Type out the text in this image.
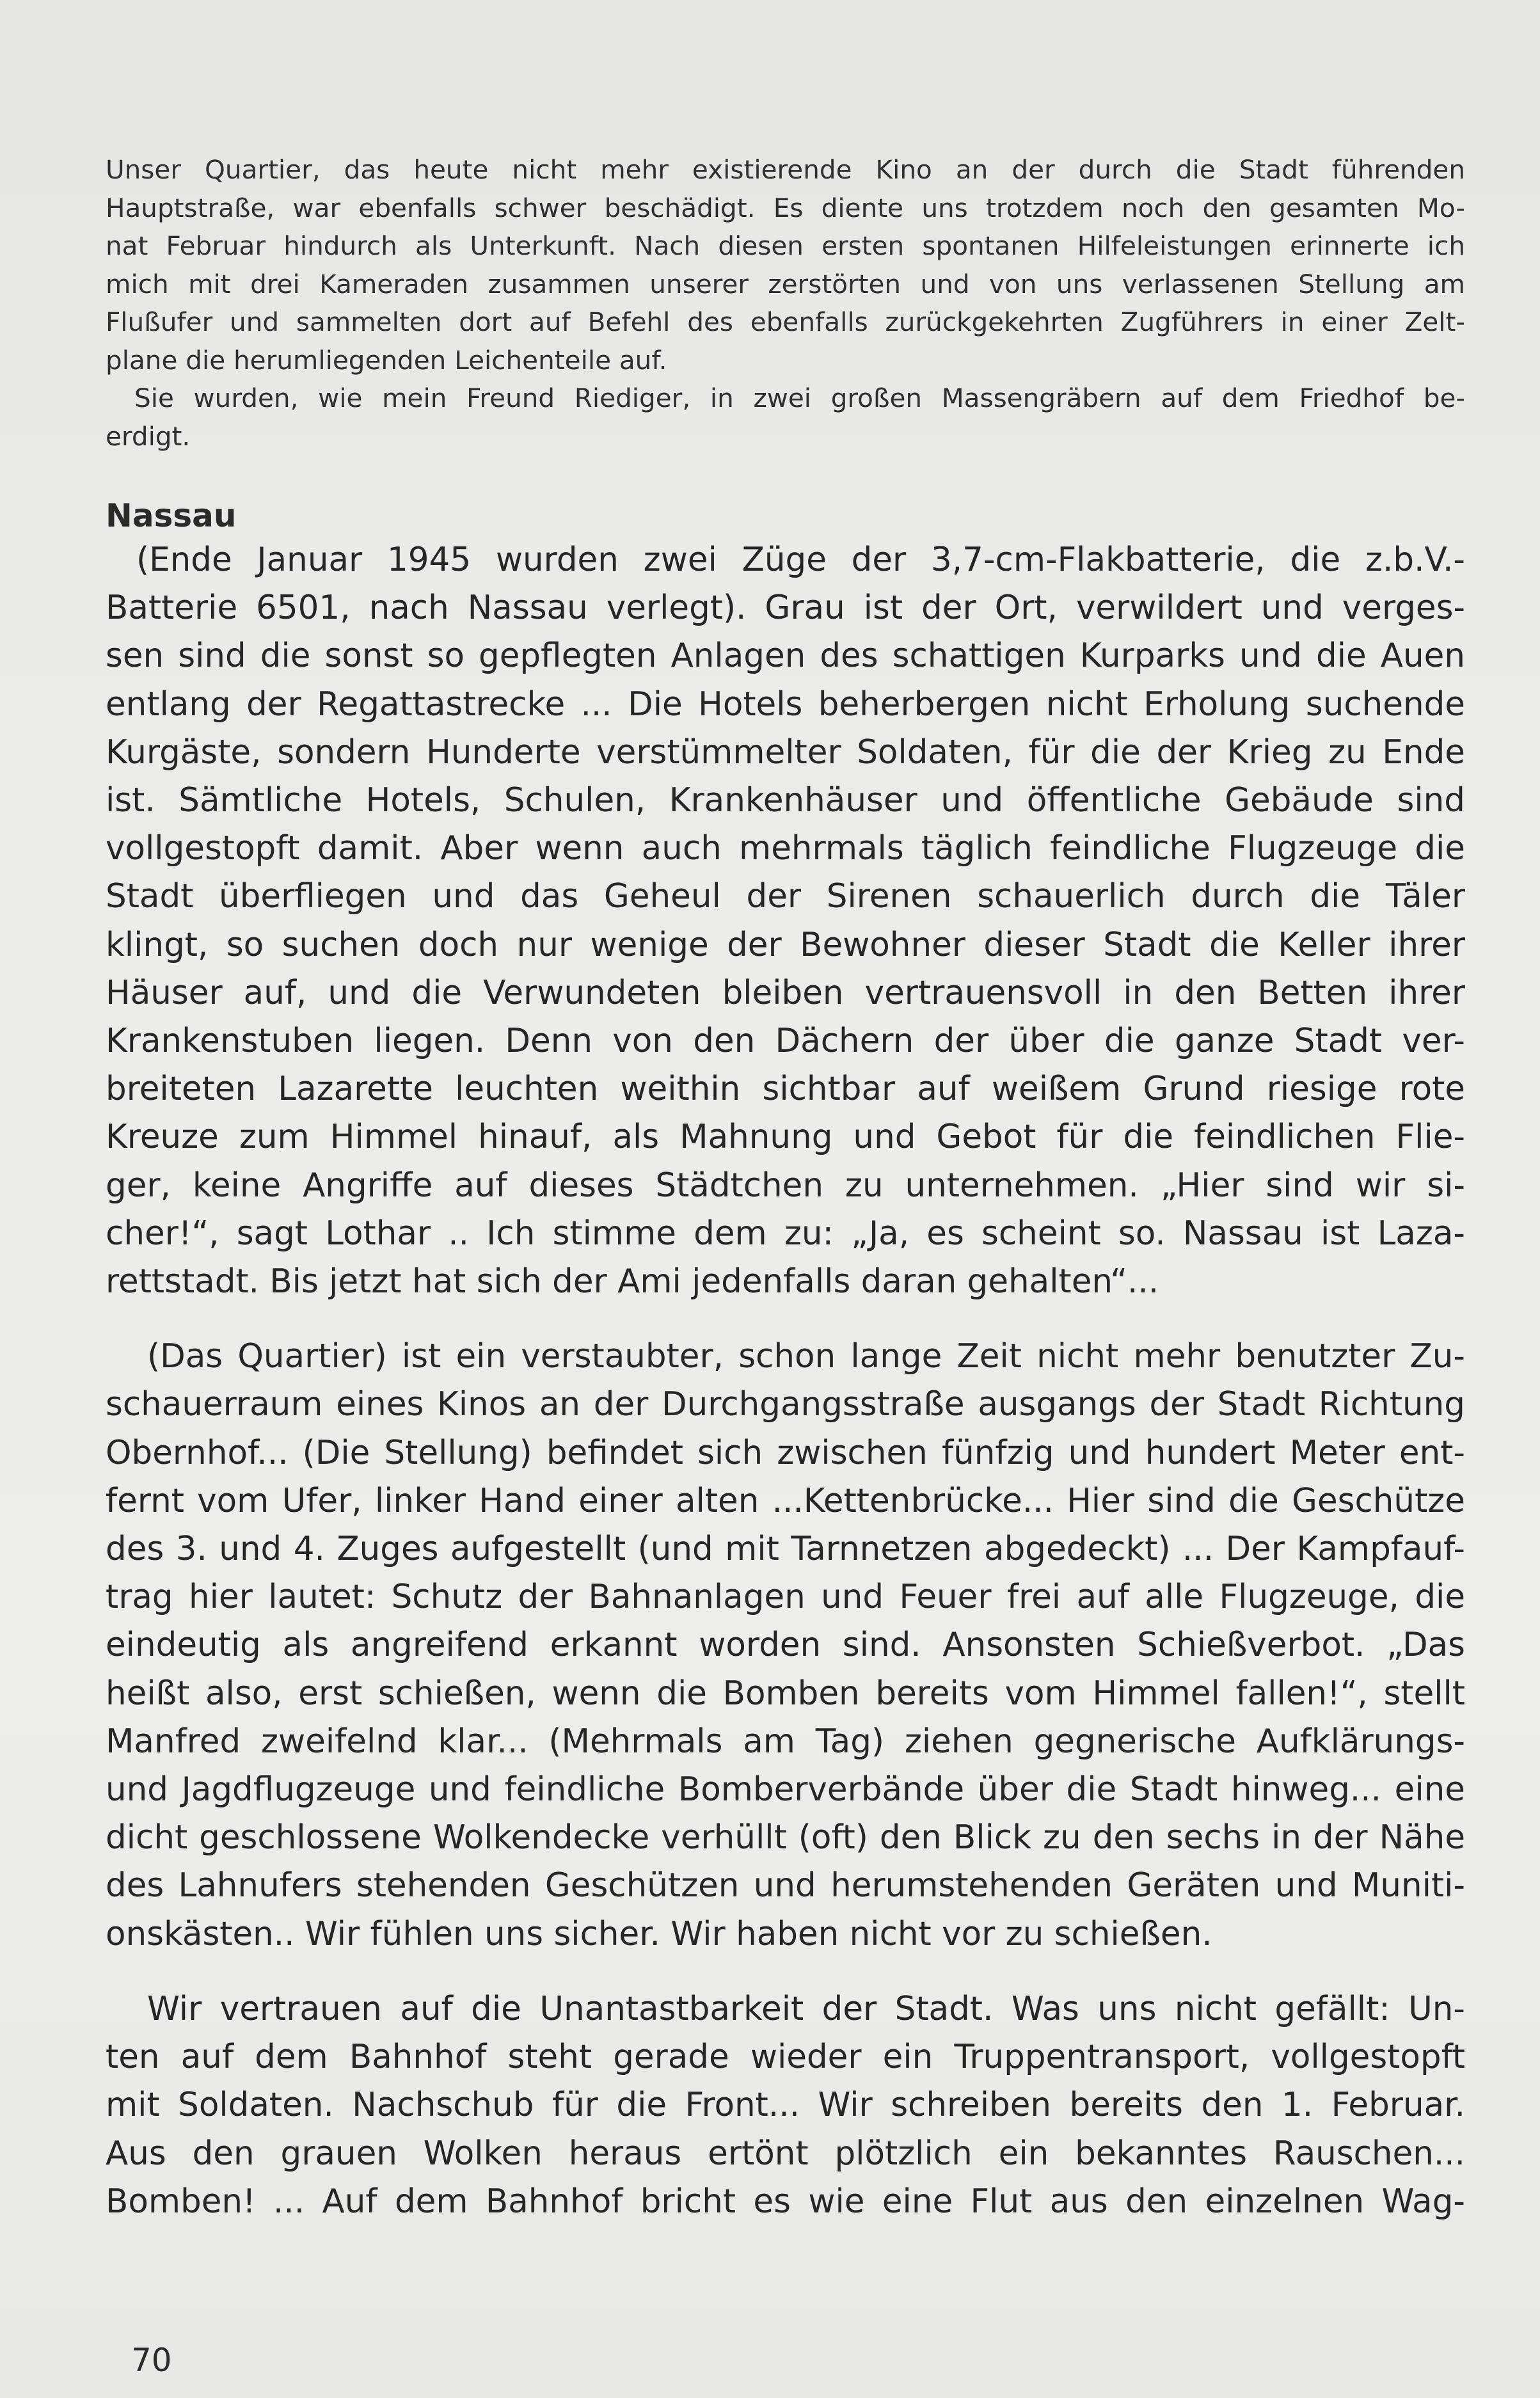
Unser Quartier, das heute nicht mehr existierende Kino an der durch die Stadt führenden
Hauptstraße, war ebenfalls schwer beschädigt. Es diente uns trotzdem noch den gesamten Mo-
nat Februar hindurch als Unterkunft. Nach diesen ersten spontanen Hilfeleistungen erinnerte ich
mich mit drei Kameraden zusammen unserer zerstörten und von uns verlassenen Stellung am
Flußufer und sammelten dort auf Befehl des ebenfalls zurückgekehrten Zugführers in einer Zelt-
plane die herumliegenden Leichenteile auf.
Sie wurden, wie mein Freund Riediger, in zwei großen Massengräbern auf dem Friedhof be-
erdigt.
Nassau
(Ende Januar 1945 wurden zwei Züge der 3,7-cm-Flakbatterie, die z.b.V.-
Batterie 6501, nach Nassau verlegt). Grau ist der Ort, verwildert und verges-
sen sind die sonst so gepflegten Anlagen des schattigen Kurparks und die Auen
entlang der Regattastrecke ... Die Hotels beherbergen nicht Erholung suchende
Kurgäste, sondern Hunderte verstümmelter Soldaten, für die der Krieg zu Ende
ist. Sämtliche Hotels, Schulen, Krankenhäuser und öffentliche Gebäude sind
vollgestopft damit. Aber wenn auch mehrmals täglich feindliche Flugzeuge die
Stadt überfliegen und das Geheul der Sirenen schauerlich durch die Täler
klingt, so suchen doch nur wenige der Bewohner dieser Stadt die Keller ihrer
Häuser auf, und die Verwundeten bleiben vertrauensvoll in den Betten ihrer
Krankenstuben liegen. Denn von den Dächern der über die ganze Stadt ver-
breiteten Lazarette leuchten weithin sichtbar auf weißem Grund riesige rote
Kreuze zum Himmel hinauf, als Mahnung und Gebot für die feindlichen Flie-
ger, keine Angriffe auf dieses Städtchen zu unternehmen. „Hier sind wir si-
cher!“, sagt Lothar .. Ich stimme dem zu: „Ja, es scheint so. Nassau ist Laza-
rettstadt. Bis jetzt hat sich der Ami jedenfalls daran gehalten“...
(Das Quartier) ist ein verstaubter, schon lange Zeit nicht mehr benutzter Zu-
schauerraum eines Kinos an der Durchgangsstraße ausgangs der Stadt Richtung
Obernhof... (Die Stellung) befindet sich zwischen fünfzig und hundert Meter ent-
fernt vom Ufer, linker Hand einer alten ...Kettenbrücke... Hier sind die Geschütze
des 3. und 4. Zuges aufgestellt (und mit Tarnnetzen abgedeckt) ... Der Kampfauf-
trag hier lautet: Schutz der Bahnanlagen und Feuer frei auf alle Flugzeuge, die
eindeutig als angreifend erkannt worden sind. Ansonsten Schießverbot. „Das
heißt also, erst schießen, wenn die Bomben bereits vom Himmel fallen!“, stellt
Manfred zweifelnd klar... (Mehrmals am Tag) ziehen gegnerische Aufklärungs-
und Jagdflugzeuge und feindliche Bomberverbände über die Stadt hinweg... eine
dicht geschlossene Wolkendecke verhüllt (oft) den Blick zu den sechs in der Nähe
des Lahnufers stehenden Geschützen und herumstehenden Geräten und Muniti-
onskästen.. Wir fühlen uns sicher. Wir haben nicht vor zu schießen.
Wir vertrauen auf die Unantastbarkeit der Stadt. Was uns nicht gefällt: Un-
ten auf dem Bahnhof steht gerade wieder ein Truppentransport, vollgestopft
mit Soldaten. Nachschub für die Front... Wir schreiben bereits den 1. Februar.
Aus den grauen Wolken heraus ertönt plötzlich ein bekanntes Rauschen...
Bomben! ... Auf dem Bahnhof bricht es wie eine Flut aus den einzelnen Wag-
70
